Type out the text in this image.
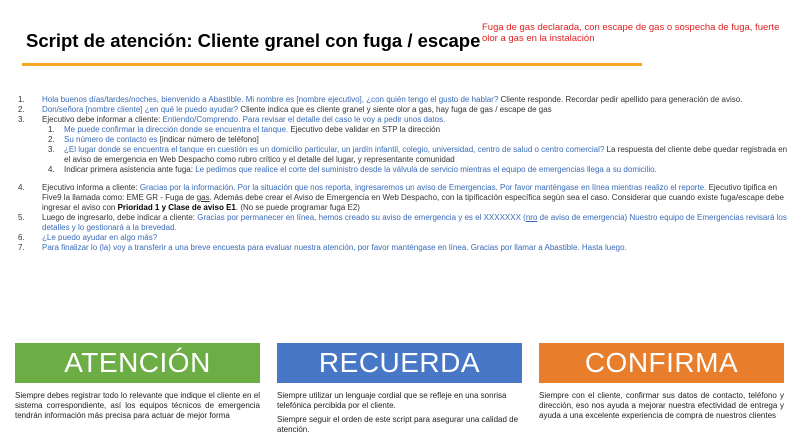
Script de atención: Cliente granel con fuga / escape
Fuga de gas declarada, con escape de gas o sospecha de fuga, fuerte olor a gas en la instalación
1.	Hola buenos días/tardes/noches, bienvenido a Abastible. Mi nombre es [nombre ejecutivo], ¿con quién tengo el gusto de hablar? Cliente responde. Recordar pedir apellido para generación de aviso.
2.	Don/señora [nombre cliente] ¿en qué le puedo ayudar? Cliente indica que es cliente granel y siente olor a gas, hay fuga de gas / escape de gas
3.	Ejecutivo debe informar a cliente: Entiendo/Comprendo. Para revisar el detalle del caso le voy a pedir unos datos.
1.	Me puede confirmar la dirección donde se encuentra el tanque. Ejecutivo debe validar en STP la dirección
2.	Su número de contacto es [indicar número de teléfono]
3.	¿El lugar donde se encuentra el tanque en cuestión es un domicilio particular, un jardín infantil, colegio, universidad, centro de salud o centro comercial? La respuesta del cliente debe quedar registrada en el aviso de emergencia en Web Despacho como rubro crítico y el detalle del lugar, y representante comunidad
4.	Indicar primera asistencia ante fuga: Le pedimos que realice el corte del suministro desde la válvula de servicio mientras el equipo de emergencias llega a su domicilio.
4.	Ejecutivo informa a cliente: Gracias por la información. Por la situación que nos reporta, ingresaremos un aviso de Emergencias. Por favor manténgase en línea mientras realizo el reporte. Ejecutivo tipifica en Five9 la llamada como: EME GR - Fuga de gas. Además debe crear el Aviso de Emergencia en Web Despacho, con la tipificación específica según sea el caso. Considerar que cuando existe fuga/escape debe ingresar el aviso con Prioridad 1 y Clase de aviso E1. (No se puede programar fuga E2)
5.	Luego de ingresarlo, debe indicar a cliente: Gracias por permanecer en línea, hemos creado su aviso de emergencia y es el XXXXXXX (nro de aviso de emergencia) Nuestro equipo de Emergencias revisará los detalles y lo gestionará a la brevedad.
6.	¿Le puedo ayudar en algo más?
7.	Para finalizar lo (la) voy a transferir a una breve encuesta para evaluar nuestra atención, por favor manténgase en línea. Gracias por llamar a Abastible. Hasta luego.
ATENCIÓN	RECUERDA	CONFIRMA

Siempre debes registrar todo lo relevante que indique el cliente en el sistema correspondiente, así los equipos técnicos de emergencia tendrán información más precisa para actuar de mejor forma

Siempre utilizar un lenguaje cordial que se refleje en una sonrisa telefónica percibida por el cliente.

Siempre seguir el orden de este script para asegurar una calidad de atención.

Siempre con el cliente, confirmar sus datos de contacto, teléfono y dirección, eso nos ayuda a mejorar nuestra efectividad de entrega y ayuda a una excelente experiencia de compra de nuestros clientes
